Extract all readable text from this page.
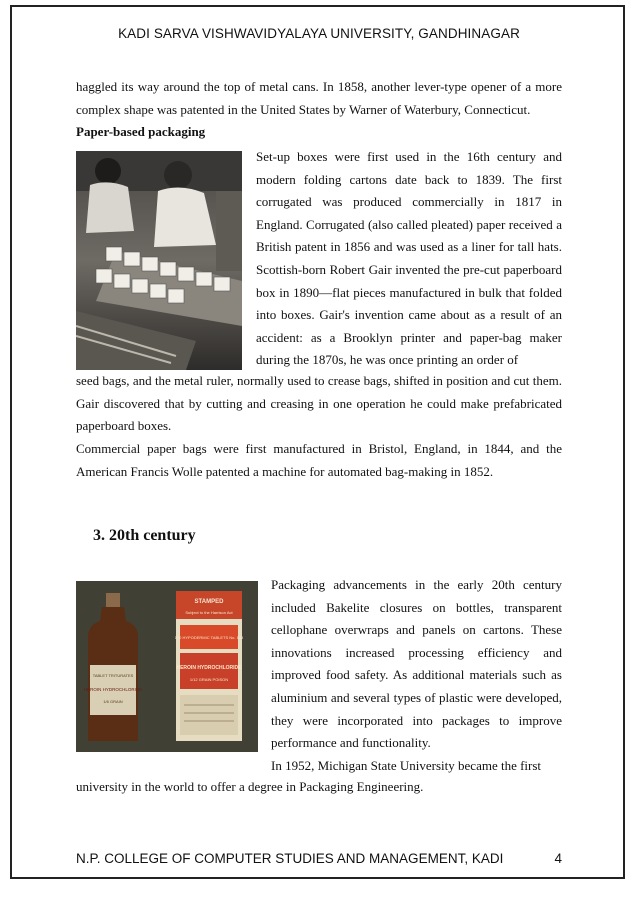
KADI SARVA VISHWAVIDYALAYA UNIVERSITY, GANDHINAGAR
haggled its way around the top of metal cans. In 1858, another lever-type opener of a more complex shape was patented in the United States by Warner of Waterbury, Connecticut.
Paper-based packaging
Set-up boxes were first used in the 16th century and modern folding cartons date back to 1839. The first corrugated was produced commercially in 1817 in England. Corrugated (also called pleated) paper received a British patent in 1856 and was used as a liner for tall hats. Scottish-born Robert Gair invented the pre-cut paperboard box in 1890—flat pieces manufactured in bulk that folded into boxes. Gair's invention came about as a result of an accident: as a Brooklyn printer and paper-bag maker during the 1870s, he was once printing an order of
seed bags, and the metal ruler, normally used to crease bags, shifted in position and cut them. Gair discovered that by cutting and creasing in one operation he could make prefabricated paperboard boxes.
Commercial paper bags were first manufactured in Bristol, England, in 1844, and the American Francis Wolle patented a machine for automated bag-making in 1852.
3. 20th century
TABLET TRITURATES
HEROIN HYDROCHLORIDE
1/6 GRAIN
STAMPED
Subject to the Harrison Act
100 HYPODERMIC TABLETS No. 143
HEROIN HYDROCHLORIDE
1/12 GRAIN POISON
Packaging advancements in the early 20th century included Bakelite closures on bottles, transparent cellophane overwraps and panels on cartons. These innovations increased processing efficiency and improved food safety. As additional materials such as aluminium and several types of plastic were developed, they were incorporated into packages to improve performance and functionality.
In 1952, Michigan State University became the first
university in the world to offer a degree in Packaging Engineering.
N.P. COLLEGE OF COMPUTER STUDIES AND MANAGEMENT, KADI	4
